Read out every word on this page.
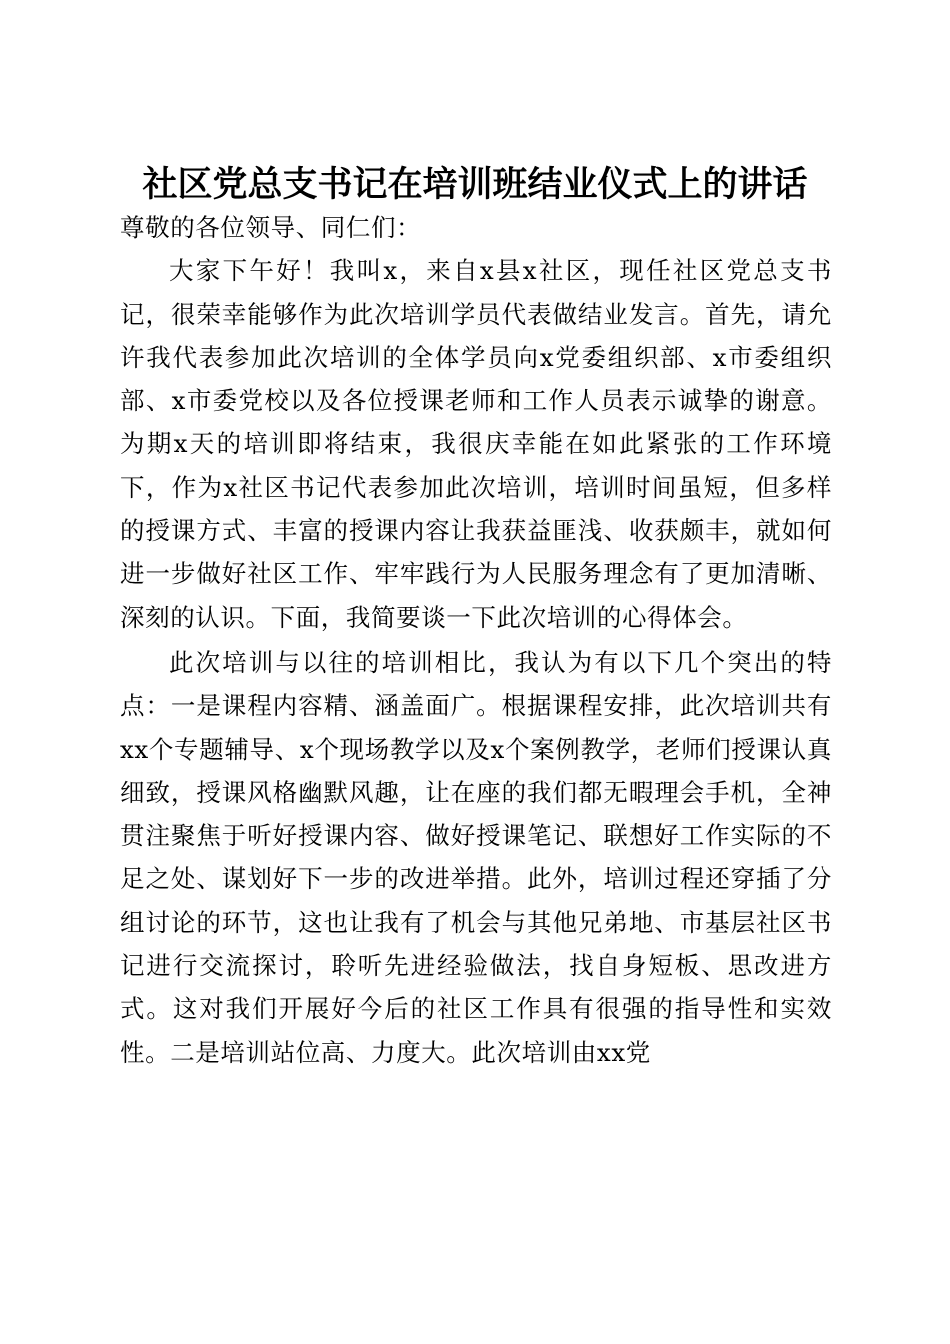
社区党总支书记在培训班结业仪式上的讲话

尊敬的各位领导、同仁们：

大家下午好！我叫x，来自x县x社区，现任社区党总支书记，很荣幸能够作为此次培训学员代表做结业发言。首先，请允许我代表参加此次培训的全体学员向x党委组织部、x市委组织部、x市委党校以及各位授课老师和工作人员表示诚挚的谢意。为期x天的培训即将结束，我很庆幸能在如此紧张的工作环境下，作为x社区书记代表参加此次培训，培训时间虽短，但多样的授课方式、丰富的授课内容让我获益匪浅、收获颇丰，就如何进一步做好社区工作、牢牢践行为人民服务理念有了更加清晰、深刻的认识。下面，我简要谈一下此次培训的心得体会。

此次培训与以往的培训相比，我认为有以下几个突出的特点：一是课程内容精、涵盖面广。根据课程安排，此次培训共有xx个专题辅导、x个现场教学以及x个案例教学，老师们授课认真细致，授课风格幽默风趣，让在座的我们都无暇理会手机，全神贯注聚焦于听好授课内容、做好授课笔记、联想好工作实际的不足之处、谋划好下一步的改进举措。此外，培训过程还穿插了分组讨论的环节，这也让我有了机会与其他兄弟地、市基层社区书记进行交流探讨，聆听先进经验做法，找自身短板、思改进方式。这对我们开展好今后的社区工作具有很强的指导性和实效性。二是培训站位高、力度大。此次培训由xx党
